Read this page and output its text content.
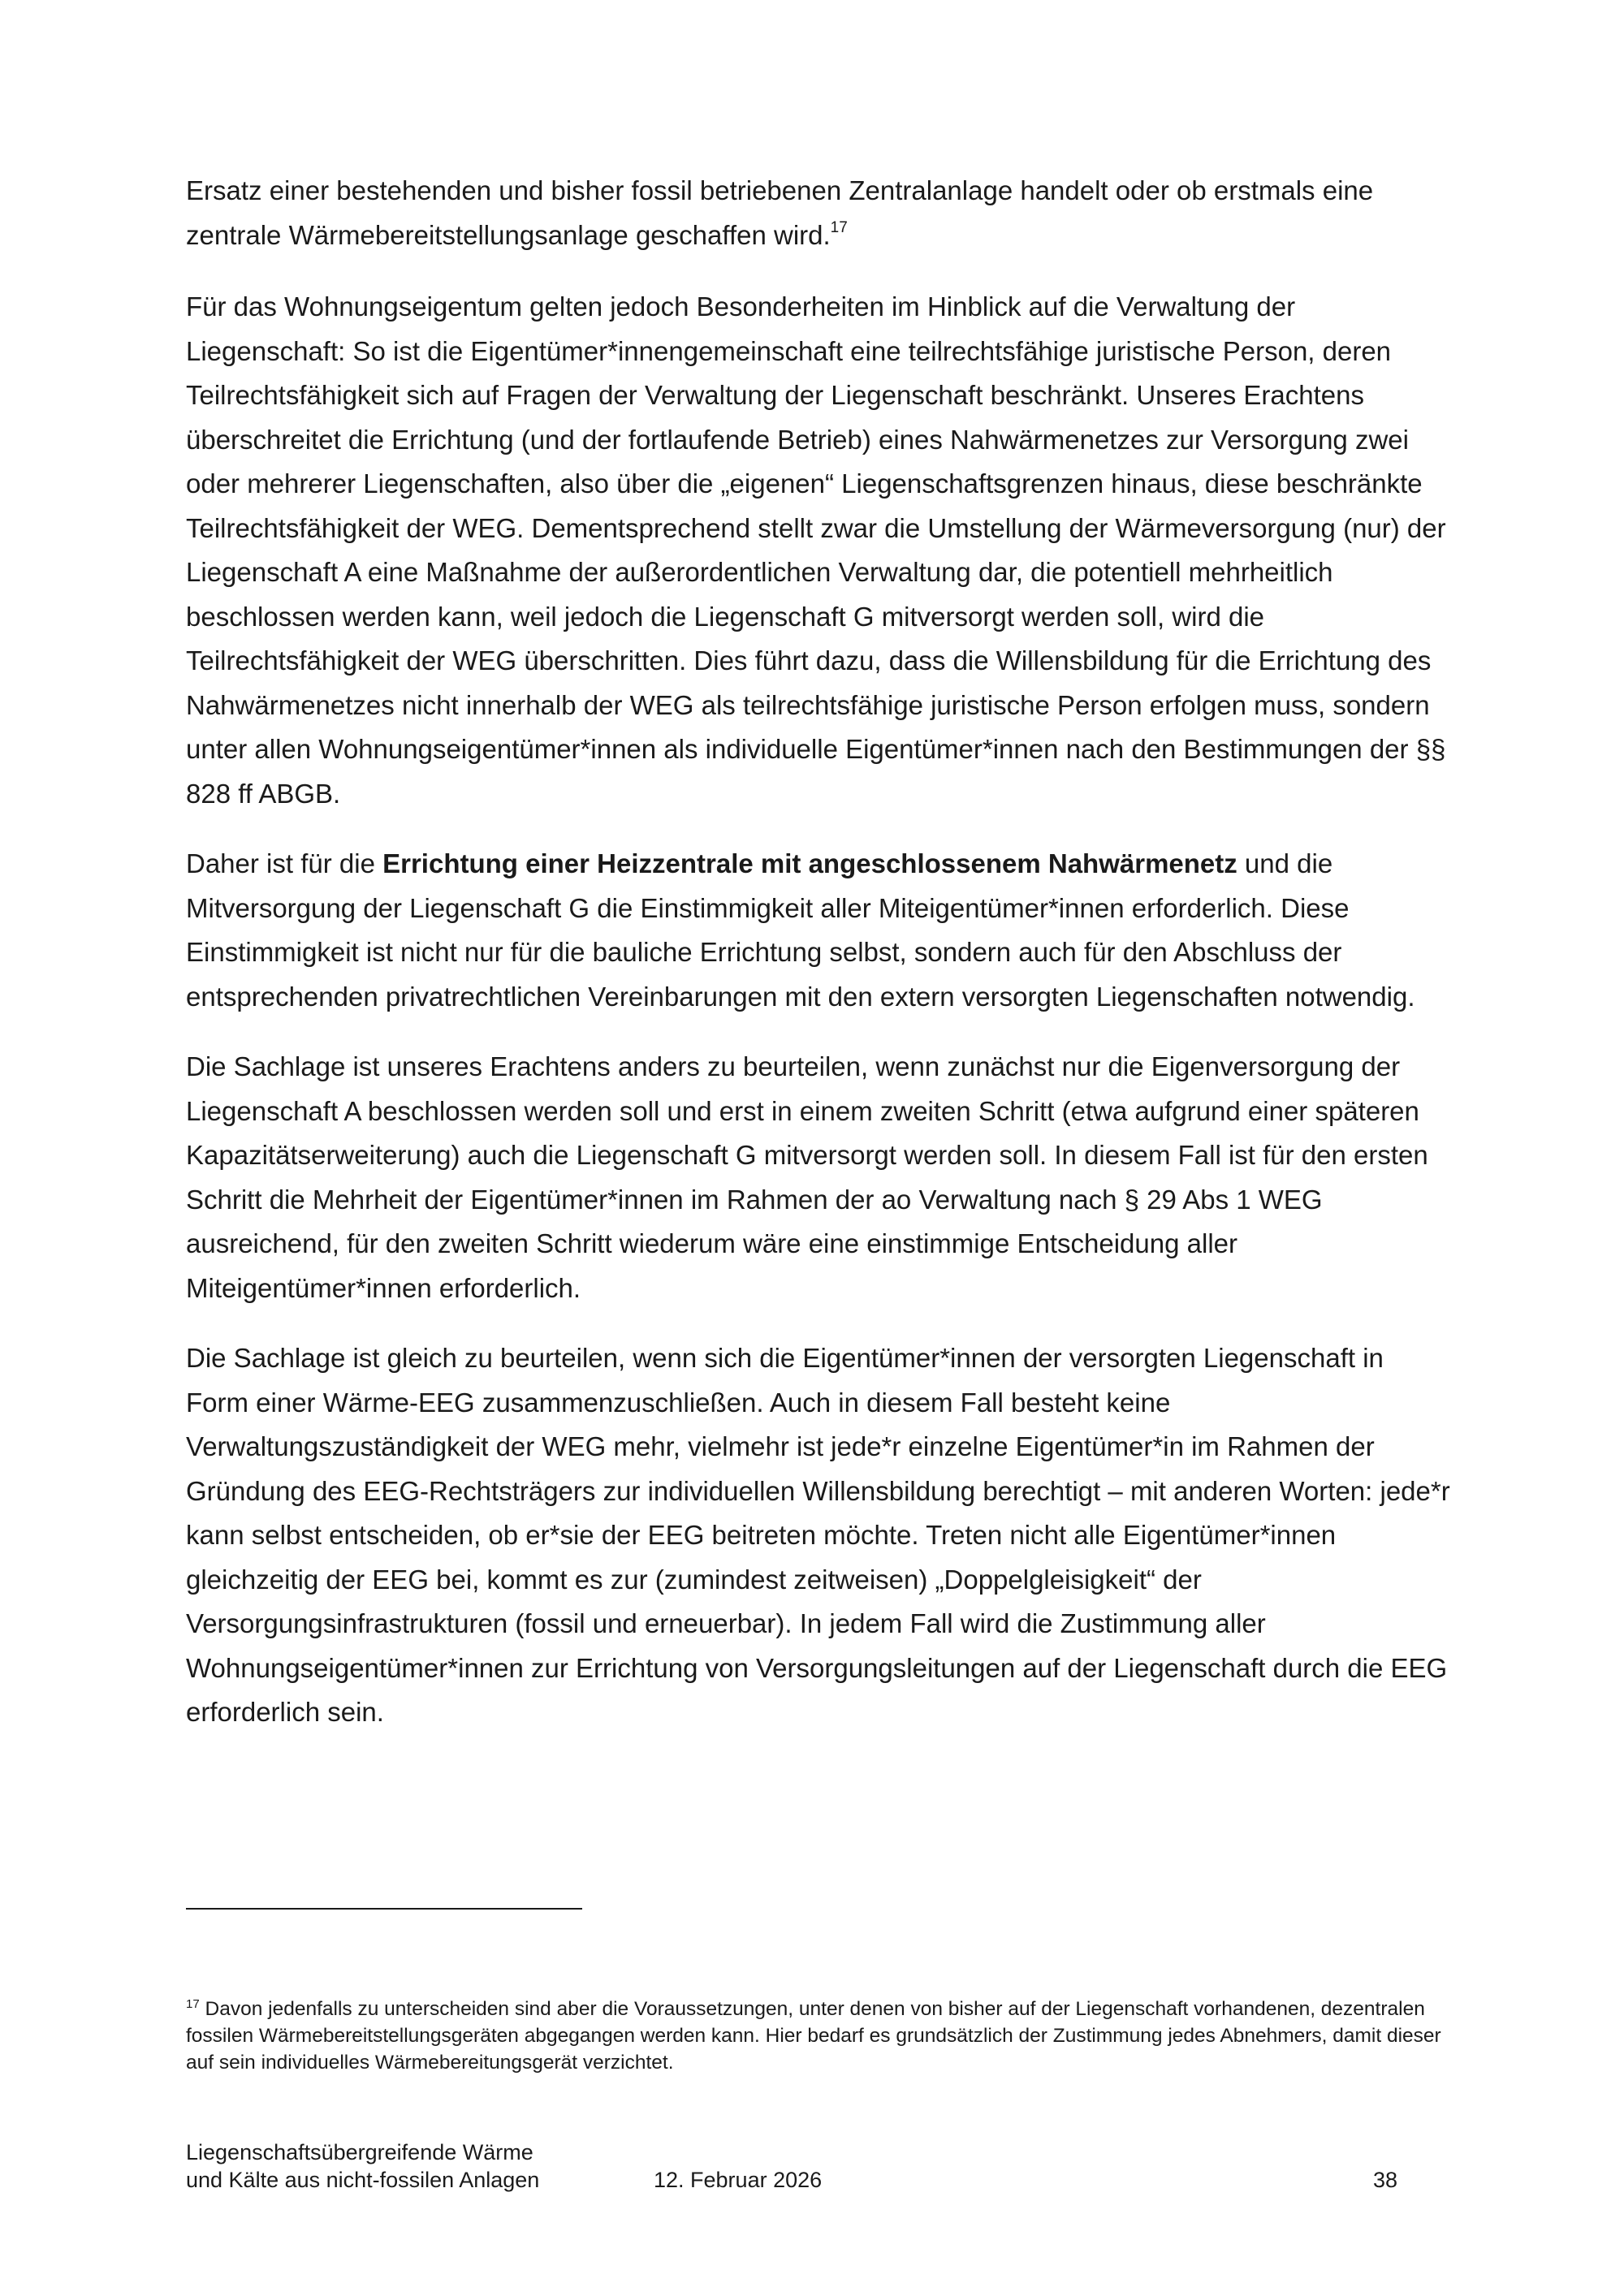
Ersatz einer bestehenden und bisher fossil betriebenen Zentralanlage handelt oder ob erstmals eine zentrale Wärmebereitstellungsanlage geschaffen wird.$^{17}$

Für das Wohnungseigentum gelten jedoch Besonderheiten im Hinblick auf die Verwaltung der Liegenschaft: So ist die Eigentümer*innengemeinschaft eine teilrechtsfähige juristische Person, deren Teilrechtsfähigkeit sich auf Fragen der Verwaltung der Liegenschaft beschränkt. Unseres Erachtens überschreitet die Errichtung (und der fortlaufende Betrieb) eines Nahwärmenetzes zur Versorgung zwei oder mehrerer Liegenschaften, also über die „eigenen“ Liegenschaftsgrenzen hinaus, diese beschränkte Teilrechtsfähigkeit der WEG. Dementsprechend stellt zwar die Umstellung der Wärmeversorgung (nur) der Liegenschaft A eine Maßnahme der außerordentlichen Verwaltung dar, die potentiell mehrheitlich beschlossen werden kann, weil jedoch die Liegenschaft G mitversorgt werden soll, wird die Teilrechtsfähigkeit der WEG überschritten. Dies führt dazu, dass die Willensbildung für die Errichtung des Nahwärmenetzes nicht innerhalb der WEG als teilrechtsfähige juristische Person erfolgen muss, sondern unter allen Wohnungseigentümer*innen als individuelle Eigentümer*innen nach den Bestimmungen der §§ 828 ff ABGB.

Daher ist für die Errichtung einer Heizzentrale mit angeschlossenem Nahwärmenetz und die Mitversorgung der Liegenschaft G die Einstimmigkeit aller Miteigentümer*innen erforderlich. Diese Einstimmigkeit ist nicht nur für die bauliche Errichtung selbst, sondern auch für den Abschluss der entsprechenden privatrechtlichen Vereinbarungen mit den extern versorgten Liegenschaften notwendig.

Die Sachlage ist unseres Erachtens anders zu beurteilen, wenn zunächst nur die Eigenversorgung der Liegenschaft A beschlossen werden soll und erst in einem zweiten Schritt (etwa aufgrund einer späteren Kapazitätserweiterung) auch die Liegenschaft G mitversorgt werden soll. In diesem Fall ist für den ersten Schritt die Mehrheit der Eigentümer*innen im Rahmen der ao Verwaltung nach § 29 Abs 1 WEG ausreichend, für den zweiten Schritt wiederum wäre eine einstimmige Entscheidung aller Miteigentümer*innen erforderlich.

Die Sachlage ist gleich zu beurteilen, wenn sich die Eigentümer*innen der versorgten Liegenschaft in Form einer Wärme-EEG zusammenzuschließen. Auch in diesem Fall besteht keine Verwaltungszuständigkeit der WEG mehr, vielmehr ist jede*r einzelne Eigentümer*in im Rahmen der Gründung des EEG-Rechtsträgers zur individuellen Willensbildung berechtigt – mit anderen Worten: jede*r kann selbst entscheiden, ob er*sie der EEG beitreten möchte. Treten nicht alle Eigentümer*innen gleichzeitig der EEG bei, kommt es zur (zumindest zeitweisen) „Doppelgleisigkeit“ der Versorgungsinfrastrukturen (fossil und erneuerbar). In jedem Fall wird die Zustimmung aller Wohnungseigentümer*innen zur Errichtung von Versorgungsleitungen auf der Liegenschaft durch die EEG erforderlich sein.

$^{17}$ Davon jedenfalls zu unterscheiden sind aber die Voraussetzungen, unter denen von bisher auf der Liegenschaft vorhandenen, dezentralen fossilen Wärmebereitstellungsgeräten abgegangen werden kann. Hier bedarf es grundsätzlich der Zustimmung jedes Abnehmers, damit dieser auf sein individuelles Wärmebereitungsgerät verzichtet.
Liegenschaftsübergreifende Wärme
und Kälte aus nicht-fossilen Anlagen	12. Februar 2026	38
